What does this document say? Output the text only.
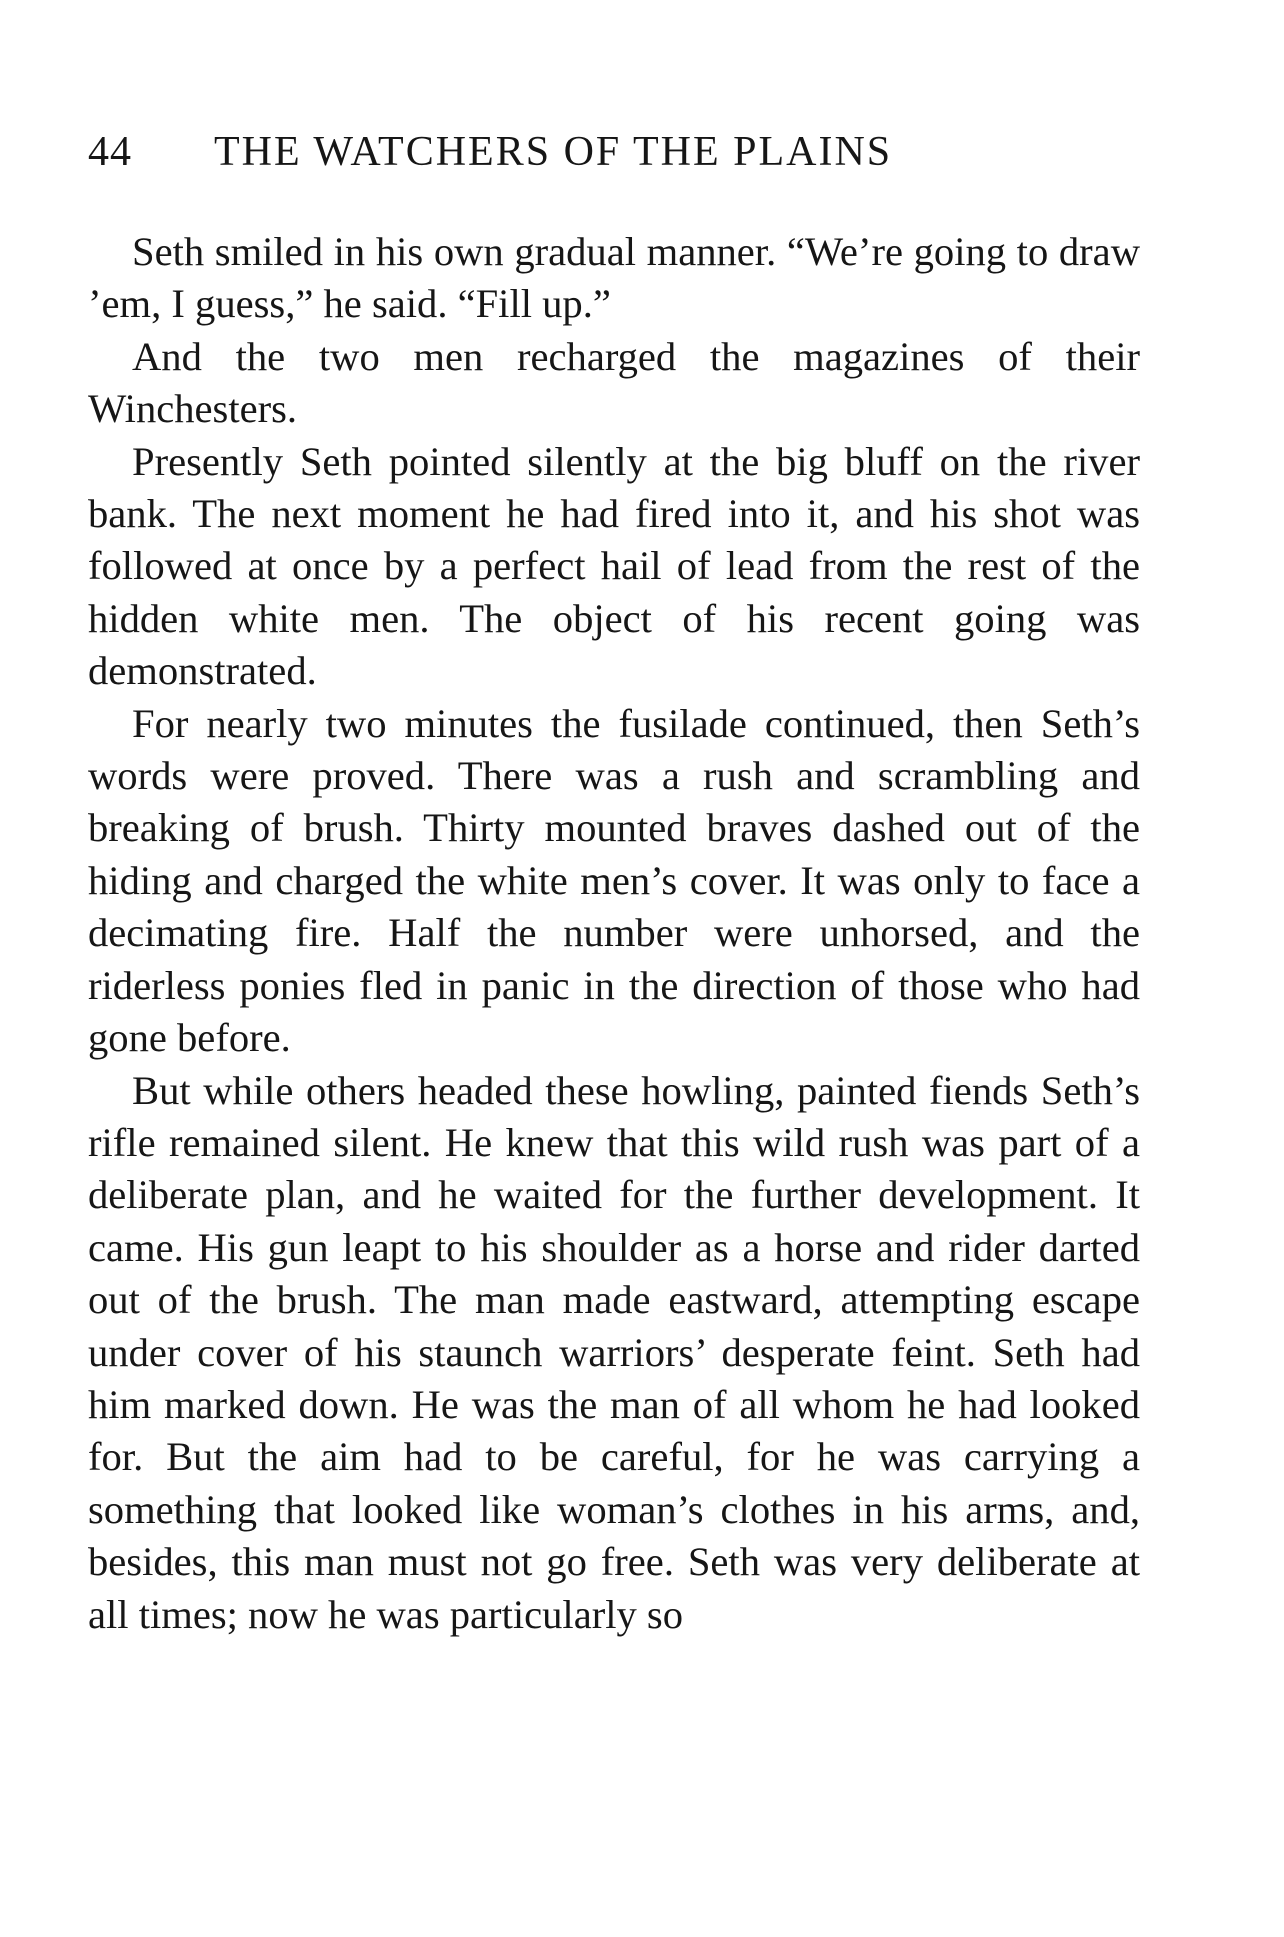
44 THE WATCHERS OF THE PLAINS

Seth smiled in his own gradual manner. “We’re going to draw ’em, I guess,” he said. “Fill up.”

And the two men recharged the magazines of their Winchesters.

Presently Seth pointed silently at the big bluff on the river bank. The next moment he had fired into it, and his shot was followed at once by a perfect hail of lead from the rest of the hidden white men. The object of his recent going was demonstrated.

For nearly two minutes the fusilade continued, then Seth’s words were proved. There was a rush and scrambling and breaking of brush. Thirty mounted braves dashed out of the hiding and charged the white men’s cover. It was only to face a decimating fire. Half the number were unhorsed, and the riderless ponies fled in panic in the direction of those who had gone before.

But while others headed these howling, painted fiends Seth’s rifle remained silent. He knew that this wild rush was part of a deliberate plan, and he waited for the further development. It came. His gun leapt to his shoulder as a horse and rider darted out of the brush. The man made eastward, attempting escape under cover of his staunch warriors’ desperate feint. Seth had him marked down. He was the man of all whom he had looked for. But the aim had to be careful, for he was carrying a something that looked like woman’s clothes in his arms, and, besides, this man must not go free. Seth was very deliberate at all times; now he was particularly so
